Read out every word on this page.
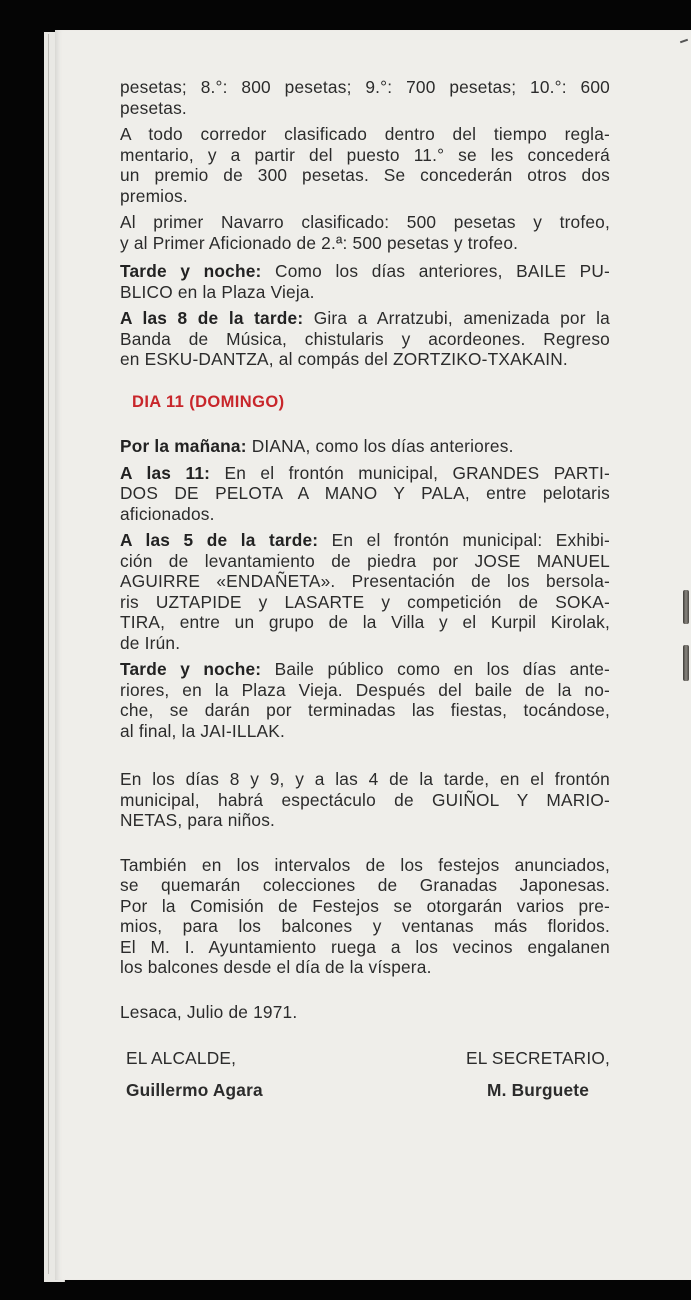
pesetas; 8.°: 800 pesetas; 9.°: 700 pesetas; 10.°: 600
pesetas.
A todo corredor clasificado dentro del tiempo regla-
mentario, y a partir del puesto 11.° se les concederá
un premio de 300 pesetas. Se concederán otros dos
premios.
Al primer Navarro clasificado: 500 pesetas y trofeo,
y al Primer Aficionado de 2.ª: 500 pesetas y trofeo.
Tarde y noche: Como los días anteriores, BAILE PU-
BLICO en la Plaza Vieja.
A las 8 de la tarde: Gira a Arratzubi, amenizada por la
Banda de Música, chistularis y acordeones. Regreso
en ESKU-DANTZA, al compás del ZORTZIKO-TXAKAIN.
DIA 11 (DOMINGO)
Por la mañana: DIANA, como los días anteriores.
A las 11: En el frontón municipal, GRANDES PARTI-
DOS DE PELOTA A MANO Y PALA, entre pelotaris
aficionados.
A las 5 de la tarde: En el frontón municipal: Exhibi-
ción de levantamiento de piedra por JOSE MANUEL
AGUIRRE «ENDAÑETA». Presentación de los bersola-
ris UZTAPIDE y LASARTE y competición de SOKA-
TIRA, entre un grupo de la Villa y el Kurpil Kirolak,
de Irún.
Tarde y noche: Baile público como en los días ante-
riores, en la Plaza Vieja. Después del baile de la no-
che, se darán por terminadas las fiestas, tocándose,
al final, la JAI-ILLAK.
En los días 8 y 9, y a las 4 de la tarde, en el frontón
municipal, habrá espectáculo de GUIÑOL Y MARIO-
NETAS, para niños.
También en los intervalos de los festejos anunciados,
se quemarán colecciones de Granadas Japonesas.
Por la Comisión de Festejos se otorgarán varios pre-
mios, para los balcones y ventanas más floridos.
El M. I. Ayuntamiento ruega a los vecinos engalanen
los balcones desde el día de la víspera.
Lesaca, Julio de 1971.
EL ALCALDE,
Guillermo Agara
EL SECRETARIO,
M. Burguete
